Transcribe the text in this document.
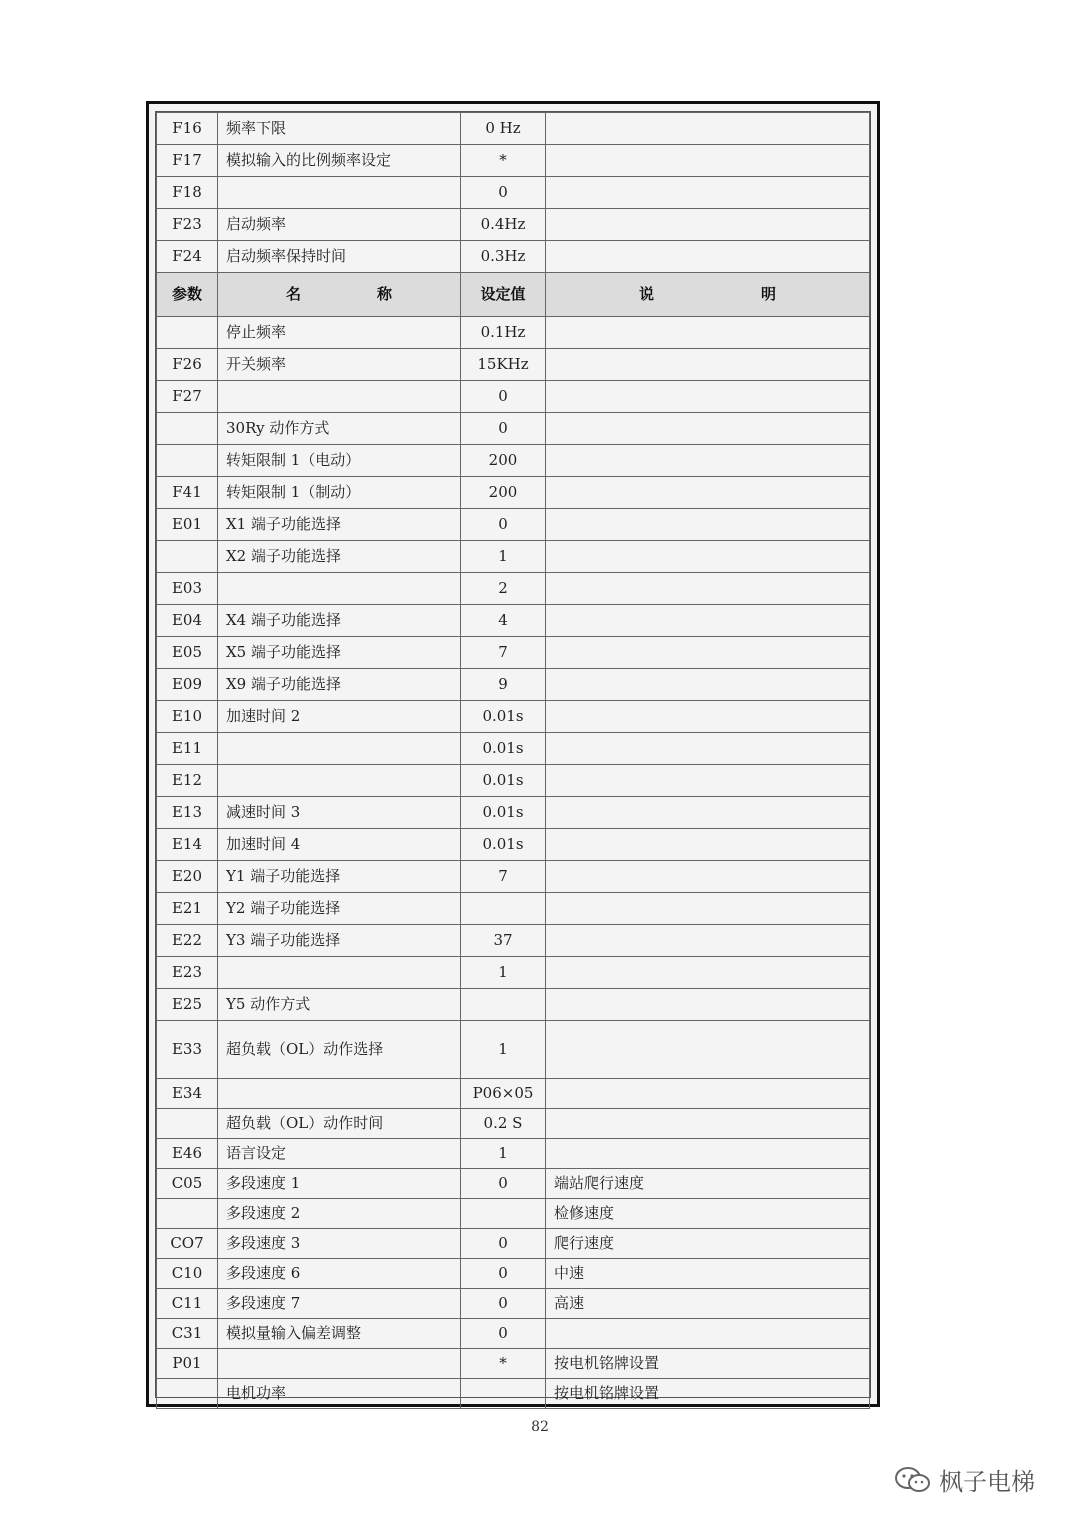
F16	频率下限	0 Hz	
F17	模拟输入的比例频率设定	*	
F18		0	
F23	启动频率	0.4Hz	
F24	启动频率保持时间	0.3Hz	
参数	名 称	设定值	说 明

	停止频率	0.1Hz	
F26	开关频率	15KHz	
F27		0	
	30Ry 动作方式	0	
	转矩限制 1（电动）	200	
F41	转矩限制 1（制动）	200	
E01	X1 端子功能选择	0	
	X2 端子功能选择	1	
E03		2	
E04	X4 端子功能选择	4	
E05	X5 端子功能选择	7	
E09	X9 端子功能选择	9	
E10	加速时间 2	0.01s	
E11		0.01s	
E12		0.01s	
E13	减速时间 3	0.01s	
E14	加速时间 4	0.01s	
E20	Y1 端子功能选择	7	
E21	Y2 端子功能选择		
E22	Y3 端子功能选择	37	
E23		1	
E25	Y5 动作方式		
E33	超负载（OL）动作选择	1	
E34		P06×05	
	超负载（OL）动作时间	0.2 S	
E46	语言设定	1	
C05	多段速度 1	0	端站爬行速度
	多段速度 2		检修速度
CO7	多段速度 3	0	爬行速度
C10	多段速度 6	0	中速
C11	多段速度 7	0	高速
C31	模拟量输入偏差调整	0	
P01		*	按电机铭牌设置
	电机功率		按电机铭牌设置
82
枫子电梯
